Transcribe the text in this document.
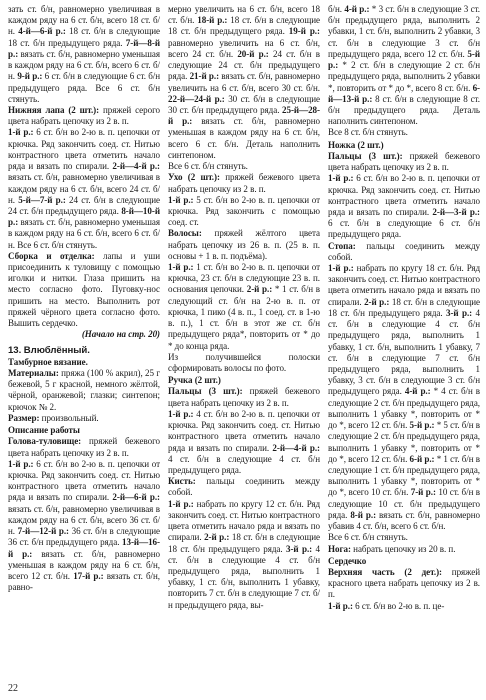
зать ст. б/н, равномерно увеличивая в каждом ряду на 6 ст. б/н, всего 18 ст. б/н. 4-й—6-й р.: 18 ст. б/н в следующие 18 ст. б/н предыдущего ряда. 7-й—8-й р.: вязать ст. б/н, равномерно уменьшая в каждом ряду на 6 ст. б/н, всего 6 ст. б/н. 9-й р.: 6 ст. б/н в следующие 6 ст. б/н предыдущего ряда. Все 6 ст. б/н стянуть.

Нижняя лапа (2 шт.): пряжей серого цвета набрать цепочку из 2 в. п.

1-й р.: 6 ст. б/н во 2-ю в. п. цепочки от крючка. Ряд закончить соед. ст. Нитью контрастного цвета отметить начало ряда и вязать по спирали. 2-й—4-й р.: вязать ст. б/н, равномерно увеличивая в каждом ряду на 6 ст. б/н, всего 24 ст. б/н. 5-й—7-й р.: 24 ст. б/н в следующие 24 ст. б/н предыдущего ряда. 8-й—10-й р.: вязать ст. б/н, равномерно уменьшая в каждом ряду на 6 ст. б/н, всего 6 ст. б/н. Все 6 ст. б/н стянуть.

Сборка и отделка: лапы и уши присоединить к туловищу с помощью иголки и нитки. Глаза пришить на место согласно фото. Пуговку-нос пришить на место. Выполнить рот пряжей чёрного цвета согласно фото. Вышить сердечко.

(Начало на стр. 20)

13. Влюблённый.

Тамбурное вязание.

Материалы: пряжа (100 % акрил), 25 г бежевой, 5 г красной, немного жёлтой, чёрной, оранжевой; глазки; синтепон; крючок № 2.

Размер: произвольный.

Описание работы

Голова-туловище: пряжей бежевого цвета набрать цепочку из 2 в. п.

1-й р.: 6 ст. б/н во 2-ю в. п. цепочки от крючка. Ряд закончить соед. ст. Нитью контрастного цвета отметить начало ряда и вязать по спирали. 2-й—6-й р.: вязать ст. б/н, равномерно увеличивая в каждом ряду на 6 ст. б/н, всего 36 ст. б/н. 7-й—12-й р.: 36 ст. б/н в следующие 36 ст. б/н предыдущего ряда. 13-й—16-й р.: вязать ст. б/н, равномерно уменьшая в каждом ряду на 6 ст. б/н, всего 12 ст. б/н. 17-й р.: вязать ст. б/н, равно-

мерно увеличить на 6 ст. б/н, всего 18 ст. б/н. 18-й р.: 18 ст. б/н в следующие 18 ст. б/н предыдущего ряда. 19-й р.: равномерно увеличить на 6 ст. б/н, всего 24 ст. б/н. 20-й р.: 24 ст. б/н в следующие 24 ст. б/н предыдущего ряда. 21-й р.: вязать ст. б/н, равномерно увеличить на 6 ст. б/н, всего 30 ст. б/н. 22-й—24-й р.: 30 ст. б/н в следующие 30 ст. б/н предыдущего ряда. 25-й—28-й р.: вязать ст. б/н, равномерно уменьшая в каждом ряду на 6 ст. б/н, всего 6 ст. б/н. Деталь наполнить синтепоном.

Все 6 ст. б/н стянуть.

Ухо (2 шт.): пряжей бежевого цвета набрать цепочку из 2 в. п.

1-й р.: 5 ст. б/н во 2-ю в. п. цепочки от крючка. Ряд закончить с помощью соед. ст.

Волосы: пряжей жёлтого цвета набрать цепочку из 26 в. п. (25 в. п. основы + 1 в. п. подъёма).

1-й р.: 1 ст. б/н во 2-ю в. п. цепочки от крючка, 23 ст. б/н в следующие 23 в. п. основания цепочки. 2-й р.: * 1 ст. б/н в следующий ст. б/н на 2-ю в. п. от крючка, 1 пико (4 в. п., 1 соед. ст. в 1-ю в. п.), 1 ст. б/н в этот же ст. б/н предыдущего ряда*, повторить от * до * до конца ряда.

Из получившейся полоски сформировать волосы по фото.

Ручка (2 шт.)

Пальцы (3 шт.): пряжей бежевого цвета набрать цепочку из 2 в. п.

1-й р.: 4 ст. б/н во 2-ю в. п. цепочки от крючка. Ряд закончить соед. ст. Нитью контрастного цвета отметить начало ряда и вязать по спирали. 2-й—4-й р.: 4 ст. б/н в следующие 4 ст. б/н предыдущего ряда.

Кисть: пальцы соединить между собой.

1-й р.: набрать по кругу 12 ст. б/н. Ряд закончить соед. ст. Нитью контрастного цвета отметить начало ряда и вязать по спирали. 2-й р.: 18 ст. б/н в следующие 18 ст. б/н предыдущего ряда. 3-й р.: 4 ст. б/н в следующие 4 ст. б/н предыдущего ряда, выполнить 1 убавку, 1 ст. б/н, выполнить 1 убавку, повторить 7 ст. б/н в следующие 7 ст. б/н предыдущего ряда, вы-

б/н. 4-й р.: * 3 ст. б/н в следующие 3 ст. б/н предыдущего ряда, выполнить 2 убавки, 1 ст. б/н, выполнить 2 убавки, 3 ст. б/н в следующие 3 ст. б/н предыдущего ряда, всего 12 ст. б/н. 5-й р.: * 2 ст. б/н в следующие 2 ст. б/н предыдущего ряда, выполнить 2 убавки *, повторить от * до *, всего 8 ст. б/н. 6-й—13-й р.: 8 ст. б/н в следующие 8 ст. б/н предыдущего ряда. Деталь наполнить синтепоном.

Все 8 ст. б/н стянуть.

Ножка (2 шт.)

Пальцы (3 шт.): пряжей бежевого цвета набрать цепочку из 2 в. п.

1-й р.: 6 ст. б/н во 2-ю в. п. цепочки от крючка. Ряд закончить соед. ст. Нитью контрастного цвета отметить начало ряда и вязать по спирали. 2-й—3-й р.: 6 ст. б/н в следующие 6 ст. б/н предыдущего ряда.

Стопа: пальцы соединить между собой.

1-й р.: набрать по кругу 18 ст. б/н. Ряд закончить соед. ст. Нитью контрастного цвета отметить начало ряда и вязать по спирали. 2-й р.: 18 ст. б/н в следующие 18 ст. б/н предыдущего ряда. 3-й р.: 4 ст. б/н в следующие 4 ст. б/н предыдущего ряда, выполнить 1 убавку, 1 ст. б/н, выполнить 1 убавку, 7 ст. б/н в следующие 7 ст. б/н предыдущего ряда, выполнить 1 убавку, 3 ст. б/н в следующие 3 ст. б/н предыдущего ряда. 4-й р.: * 4 ст. б/н в следующие 2 ст. б/н предыдущего ряда, выполнить 1 убавку *, повторить от * до *, всего 12 ст. б/н. 5-й р.: * 5 ст. б/н в следующие 2 ст. б/н предыдущего ряда, выполнить 1 убавку *, повторить от * до *, всего 12 ст. б/н. 6-й р.: * 1 ст. б/н в следующие 1 ст. б/н предыдущего ряда, выполнить 1 убавку *, повторить от * до *, всего 10 ст. б/н. 7-й р.: 10 ст. б/н в следующие 10 ст. б/н предыдущего ряда. 8-й р.: вязать ст. б/н, равномерно убавив 4 ст. б/н, всего 6 ст. б/н.

Все 6 ст. б/н стянуть.

Нога: набрать цепочку из 20 в. п.

Сердечко

Верхняя часть (2 дет.): пряжей красного цвета набрать цепочку из 2 в. п.

1-й р.: 6 ст. б/н во 2-ю в. п. це-

22
